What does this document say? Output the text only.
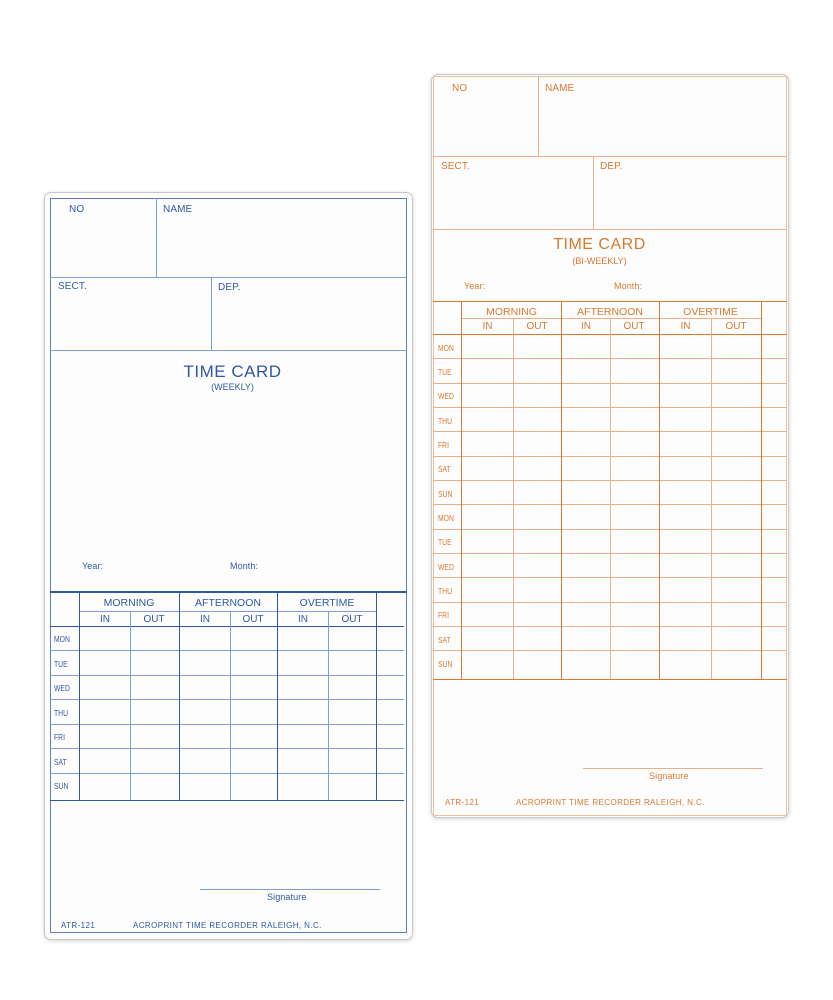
NO	NAME
SECT.	DEP.
TIME CARD
(WEEKLY)
Year:	Month:
MORNING	AFTERNOON	OVERTIME
IN	OUT	IN	OUT	IN	OUT
MON
TUE
WED
THU
FRI
SAT
SUN
Signature
ATR-121	ACROPRINT TIME RECORDER RALEIGH, N.C.
NO	NAME
SECT.	DEP.
TIME CARD
(BI-WEEKLY)
Year:	Month:
MORNING	AFTERNOON	OVERTIME
IN	OUT	IN	OUT	IN	OUT
MON
TUE
WED
THU
FRI
SAT
SUN
MON
TUE
WED
THU
FRI
SAT
SUN
Signature
ATR-121	ACROPRINT TIME RECORDER RALEIGH, N.C.
